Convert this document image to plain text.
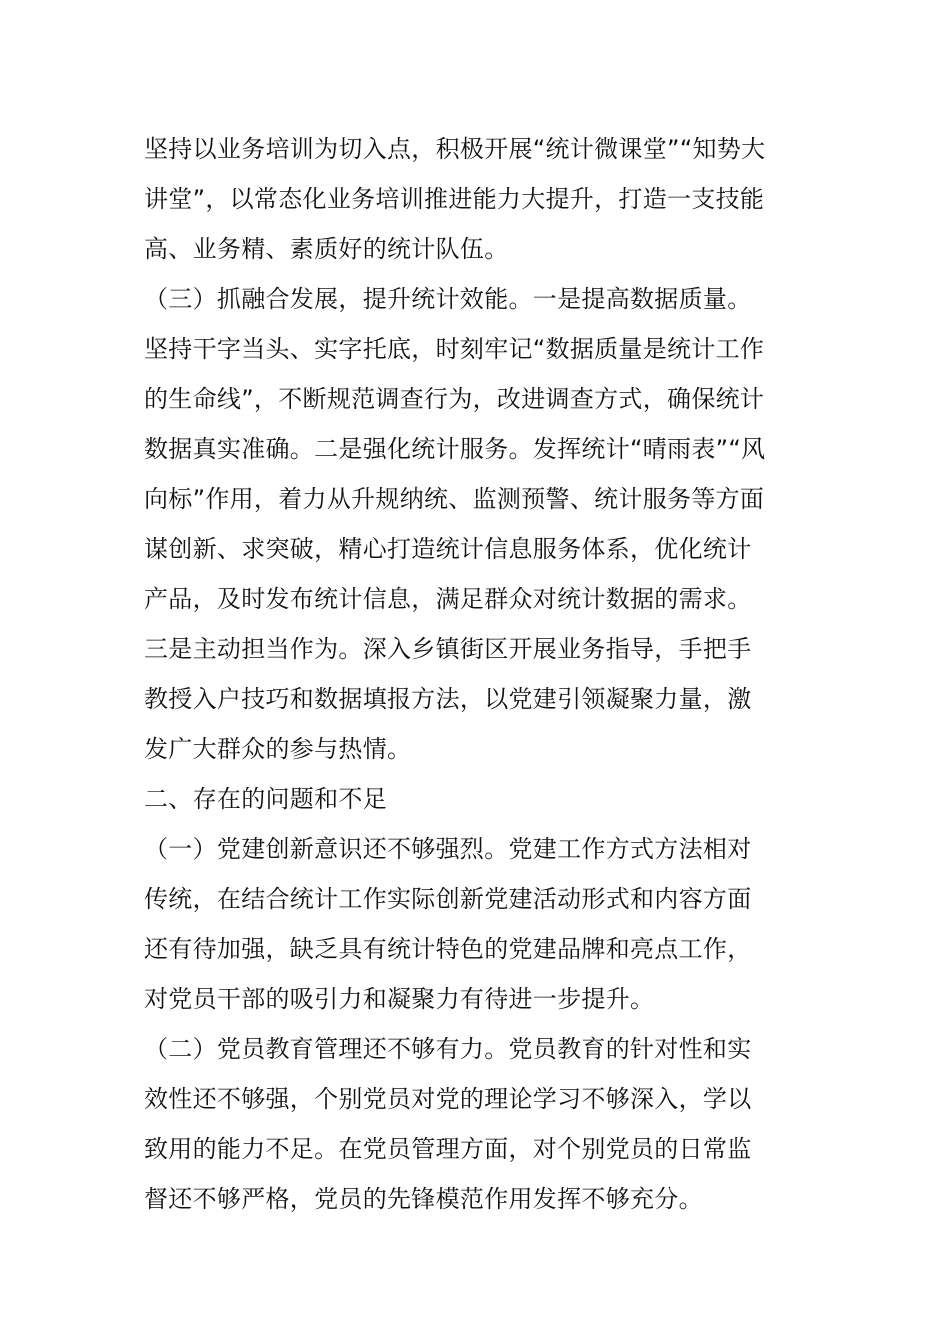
坚持以业务培训为切入点，积极开展“统计微课堂”“知势大
讲堂”，以常态化业务培训推进能力大提升，打造一支技能
高、业务精、素质好的统计队伍。
（三）抓融合发展，提升统计效能。一是提高数据质量。
坚持干字当头、实字托底，时刻牢记“数据质量是统计工作
的生命线”，不断规范调查行为，改进调查方式，确保统计
数据真实准确。二是强化统计服务。发挥统计“晴雨表”“风
向标”作用，着力从升规纳统、监测预警、统计服务等方面
谋创新、求突破，精心打造统计信息服务体系，优化统计
产品，及时发布统计信息，满足群众对统计数据的需求。
三是主动担当作为。深入乡镇街区开展业务指导，手把手
教授入户技巧和数据填报方法，以党建引领凝聚力量，激
发广大群众的参与热情。
二、存在的问题和不足
（一）党建创新意识还不够强烈。党建工作方式方法相对
传统，在结合统计工作实际创新党建活动形式和内容方面
还有待加强，缺乏具有统计特色的党建品牌和亮点工作，
对党员干部的吸引力和凝聚力有待进一步提升。
（二）党员教育管理还不够有力。党员教育的针对性和实
效性还不够强，个别党员对党的理论学习不够深入，学以
致用的能力不足。在党员管理方面，对个别党员的日常监
督还不够严格，党员的先锋模范作用发挥不够充分。
